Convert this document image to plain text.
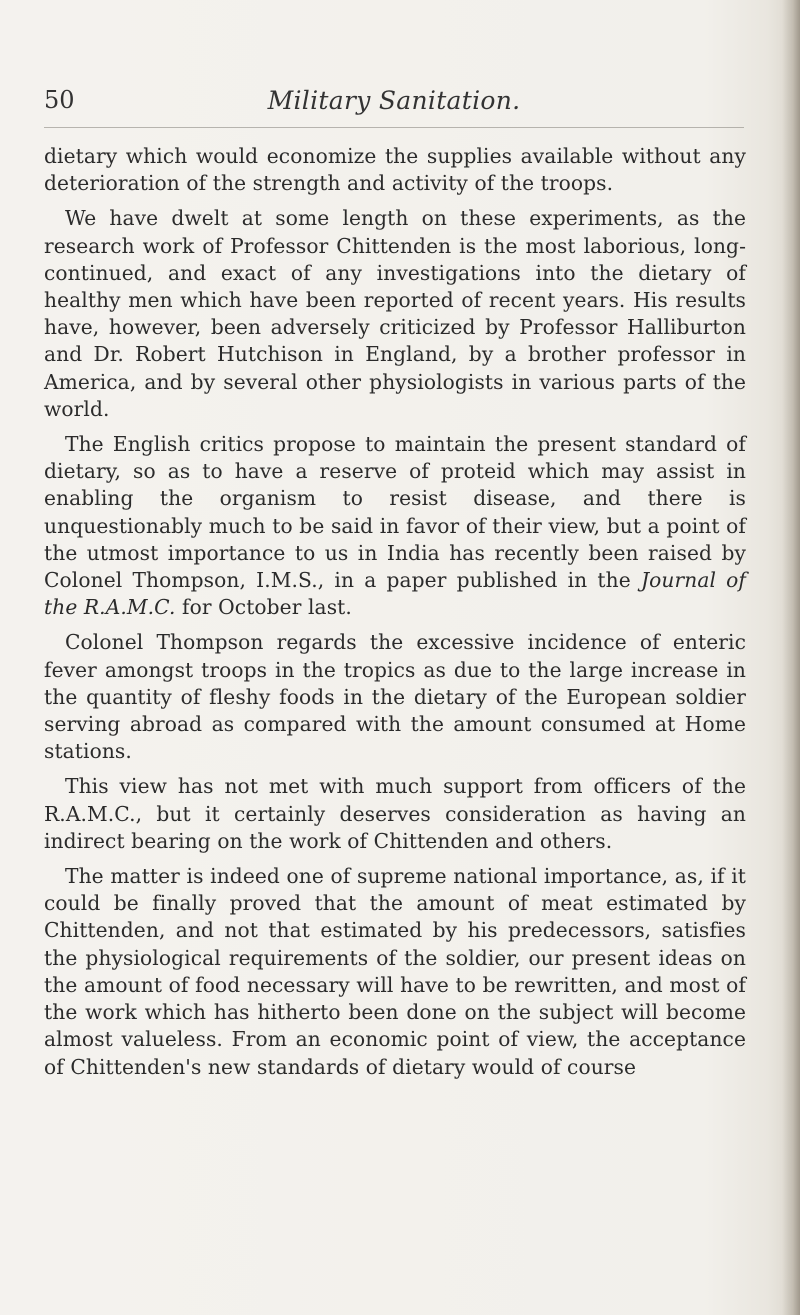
50	Military Sanitation.

dietary which would economize the supplies available without any deterioration of the strength and activity of the troops.

We have dwelt at some length on these experiments, as the research work of Professor Chittenden is the most laborious, long-continued, and exact of any investigations into the dietary of healthy men which have been reported of recent years. His results have, however, been adversely criticized by Professor Halliburton and Dr. Robert Hutchison in England, by a brother professor in America, and by several other physiologists in various parts of the world.

The English critics propose to maintain the present standard of dietary, so as to have a reserve of proteid which may assist in enabling the organism to resist disease, and there is unquestionably much to be said in favor of their view, but a point of the utmost importance to us in India has recently been raised by Colonel Thompson, I.M.S., in a paper published in the Journal of the R.A.M.C. for October last.

Colonel Thompson regards the excessive incidence of enteric fever amongst troops in the tropics as due to the large increase in the quantity of fleshy foods in the dietary of the European soldier serving abroad as compared with the amount consumed at Home stations.

This view has not met with much support from officers of the R.A.M.C., but it certainly deserves consideration as having an indirect bearing on the work of Chittenden and others.

The matter is indeed one of supreme national importance, as, if it could be finally proved that the amount of meat estimated by Chittenden, and not that estimated by his predecessors, satisfies the physiological requirements of the soldier, our present ideas on the amount of food necessary will have to be rewritten, and most of the work which has hitherto been done on the subject will become almost valueless. From an economic point of view, the acceptance of Chittenden's new standards of dietary would of course
